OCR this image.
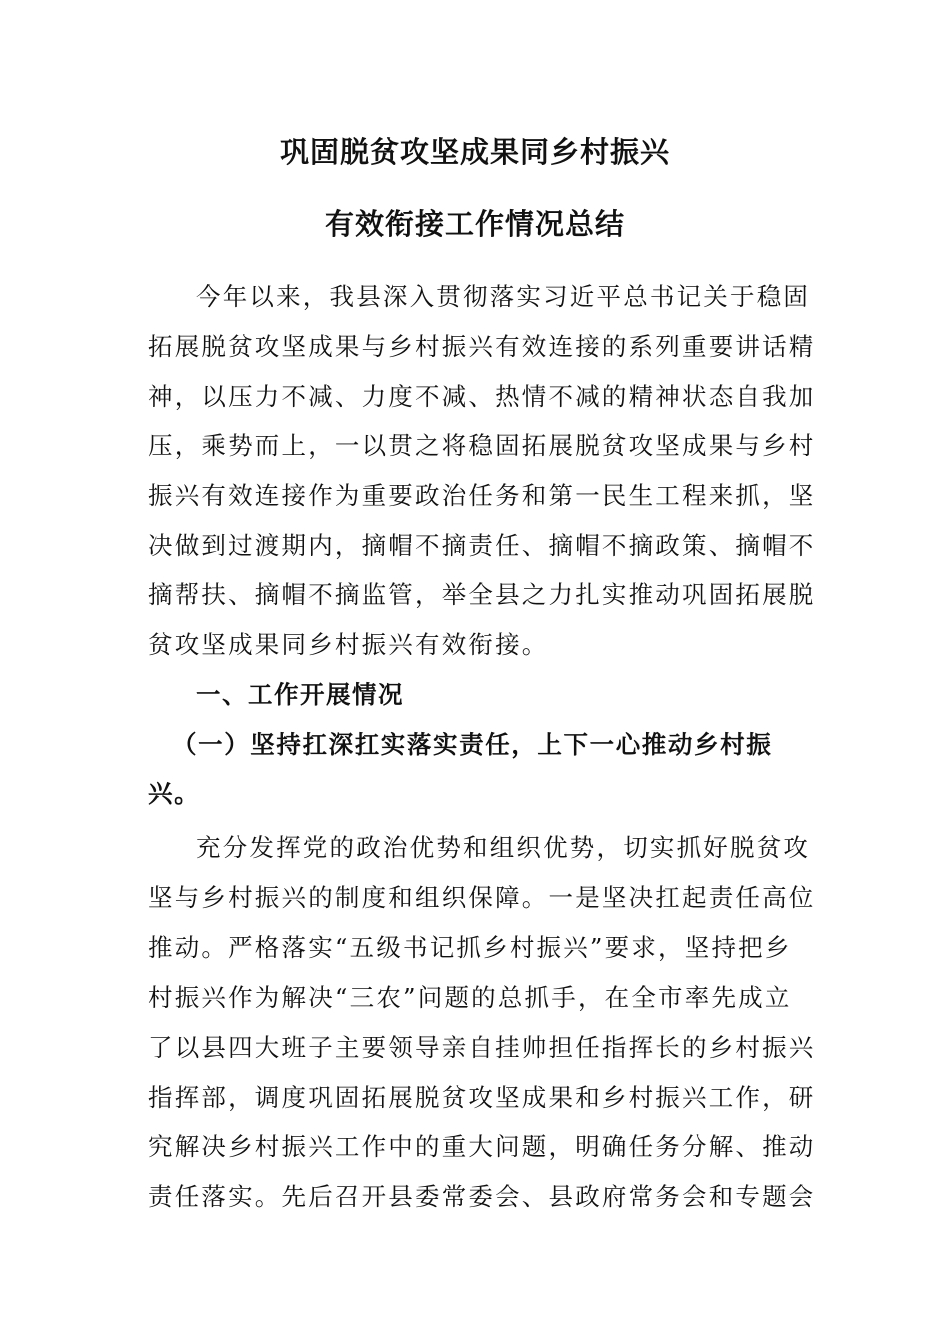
巩固脱贫攻坚成果同乡村振兴
有效衔接工作情况总结

今年以来，我县深入贯彻落实习近平总书记关于稳固

拓展脱贫攻坚成果与乡村振兴有效连接的系列重要讲话精

神，以压力不减、力度不减、热情不减的精神状态自我加

压，乘势而上，一以贯之将稳固拓展脱贫攻坚成果与乡村

振兴有效连接作为重要政治任务和第一民生工程来抓，坚

决做到过渡期内，摘帽不摘责任、摘帽不摘政策、摘帽不

摘帮扶、摘帽不摘监管，举全县之力扎实推动巩固拓展脱

贫攻坚成果同乡村振兴有效衔接。

一、工作开展情况
（一）坚持扛深扛实落实责任，上下一心推动乡村振
兴。

充分发挥党的政治优势和组织优势，切实抓好脱贫攻

坚与乡村振兴的制度和组织保障。一是坚决扛起责任高位

推动。严格落实“五级书记抓乡村振兴”要求，坚持把乡

村振兴作为解决“三农”问题的总抓手，在全市率先成立

了以县四大班子主要领导亲自挂帅担任指挥长的乡村振兴

指挥部，调度巩固拓展脱贫攻坚成果和乡村振兴工作，研

究解决乡村振兴工作中的重大问题，明确任务分解、推动

责任落实。先后召开县委常委会、县政府常务会和专题会
